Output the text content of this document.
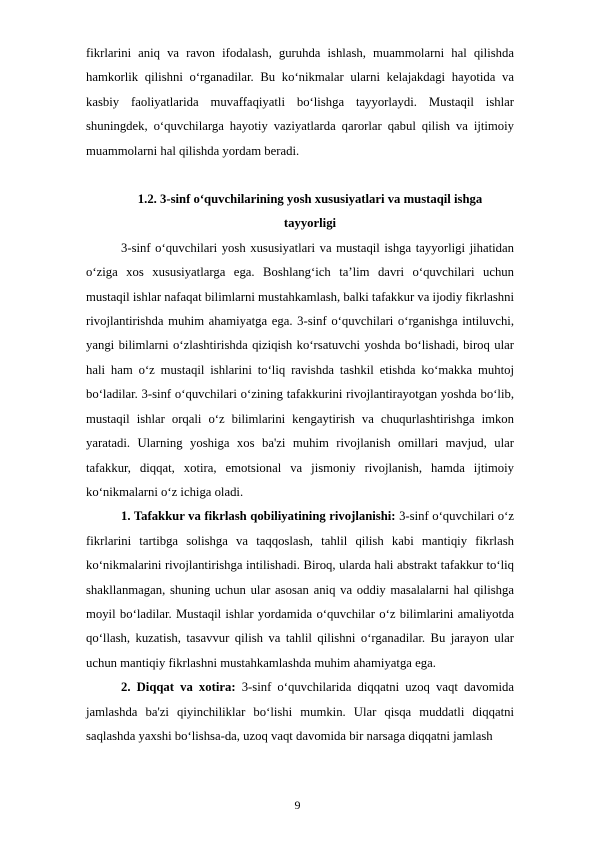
fikrlarini aniq va ravon ifodalash, guruhda ishlash, muammolarni hal qilishda hamkorlik qilishni o‘rganadilar. Bu ko‘nikmalar ularni kelajakdagi hayotida va kasbiy faoliyatlarida muvaffaqiyatli bo‘lishga tayyorlaydi. Mustaqil ishlar shuningdek, o‘quvchilarga hayotiy vaziyatlarda qarorlar qabul qilish va ijtimoiy muammolarni hal qilishda yordam beradi.

1.2. 3-sinf o‘quvchilarining yosh xususiyatlari va mustaqil ishga
tayyorligi

3-sinf o‘quvchilari yosh xususiyatlari va mustaqil ishga tayyorligi jihatidan o‘ziga xos xususiyatlarga ega. Boshlang‘ich ta’lim davri o‘quvchilari uchun mustaqil ishlar nafaqat bilimlarni mustahkamlash, balki tafakkur va ijodiy fikrlashni rivojlantirishda muhim ahamiyatga ega. 3-sinf o‘quvchilari o‘rganishga intiluvchi, yangi bilimlarni o‘zlashtirishda qiziqish ko‘rsatuvchi yoshda bo‘lishadi, biroq ular hali ham o‘z mustaqil ishlarini to‘liq ravishda tashkil etishda ko‘makka muhtoj bo‘ladilar. 3-sinf o‘quvchilari o‘zining tafakkurini rivojlantirayotgan yoshda bo‘lib, mustaqil ishlar orqali o‘z bilimlarini kengaytirish va chuqurlashtirishga imkon yaratadi. Ularning yoshiga xos ba'zi muhim rivojlanish omillari mavjud, ular tafakkur, diqqat, xotira, emotsional va jismoniy rivojlanish, hamda ijtimoiy ko‘nikmalarni o‘z ichiga oladi.

1. Tafakkur va fikrlash qobiliyatining rivojlanishi: 3-sinf o‘quvchilari o‘z fikrlarini tartibga solishga va taqqoslash, tahlil qilish kabi mantiqiy fikrlash ko‘nikmalarini rivojlantirishga intilishadi. Biroq, ularda hali abstrakt tafakkur to‘liq shakllanmagan, shuning uchun ular asosan aniq va oddiy masalalarni hal qilishga moyil bo‘ladilar. Mustaqil ishlar yordamida o‘quvchilar o‘z bilimlarini amaliyotda qo‘llash, kuzatish, tasavvur qilish va tahlil qilishni o‘rganadilar. Bu jarayon ular uchun mantiqiy fikrlashni mustahkamlashda muhim ahamiyatga ega.

2. Diqqat va xotira: 3-sinf o‘quvchilarida diqqatni uzoq vaqt davomida jamlashda ba'zi qiyinchiliklar bo‘lishi mumkin. Ular qisqa muddatli diqqatni saqlashda yaxshi bo‘lishsa-da, uzoq vaqt davomida bir narsaga diqqatni jamlash

9
